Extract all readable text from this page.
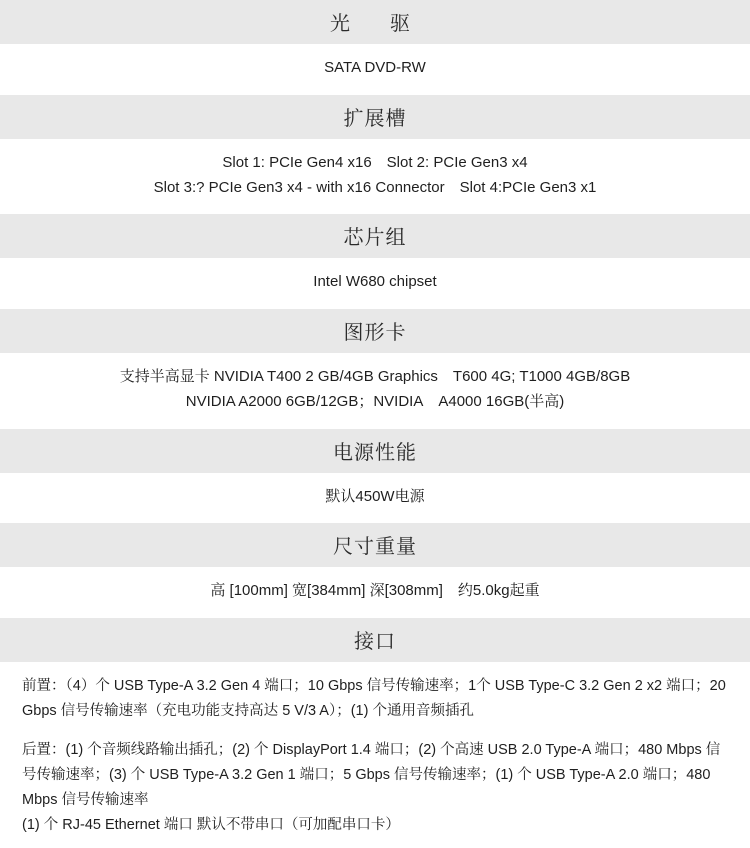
光　驱
SATA DVD-RW
扩展槽
Slot 1: PCIe Gen4 x16 Slot 2: PCIe Gen3 x4
Slot 3:? PCIe Gen3 x4 - with x16 Connector Slot 4:PCIe Gen3 x1
芯片组
Intel W680 chipset
图形卡
支持半高显卡 NVIDIA T400 2 GB/4GB Graphics T600 4G; T1000 4GB/8GB
NVIDIA A2000 6GB/12GB；NVIDIA A4000 16GB(半高)
电源性能
默认450W电源
尺寸重量
高 [100mm] 宽[384mm] 深[308mm] 约5.0kg起重
接口

前置：（4）个 USB Type-A 3.2 Gen 4 端口；10 Gbps 信号传输速率；1个 USB Type-C 3.2 Gen 2 x2 端口；20 Gbps 信号传输速率（充电功能支持高达 5 V/3 A）；(1) 个通用音频插孔

后置：(1) 个音频线路输出插孔；(2) 个 DisplayPort 1.4 端口；(2) 个高速 USB 2.0 Type-A 端口；480 Mbps 信号传输速率；(3) 个 USB Type-A 3.2 Gen 1 端口；5 Gbps 信号传输速率；(1) 个 USB Type-A 2.0 端口；480 Mbps 信号传输速率
(1) 个 RJ-45 Ethernet 端口 默认不带串口（可加配串口卡）
